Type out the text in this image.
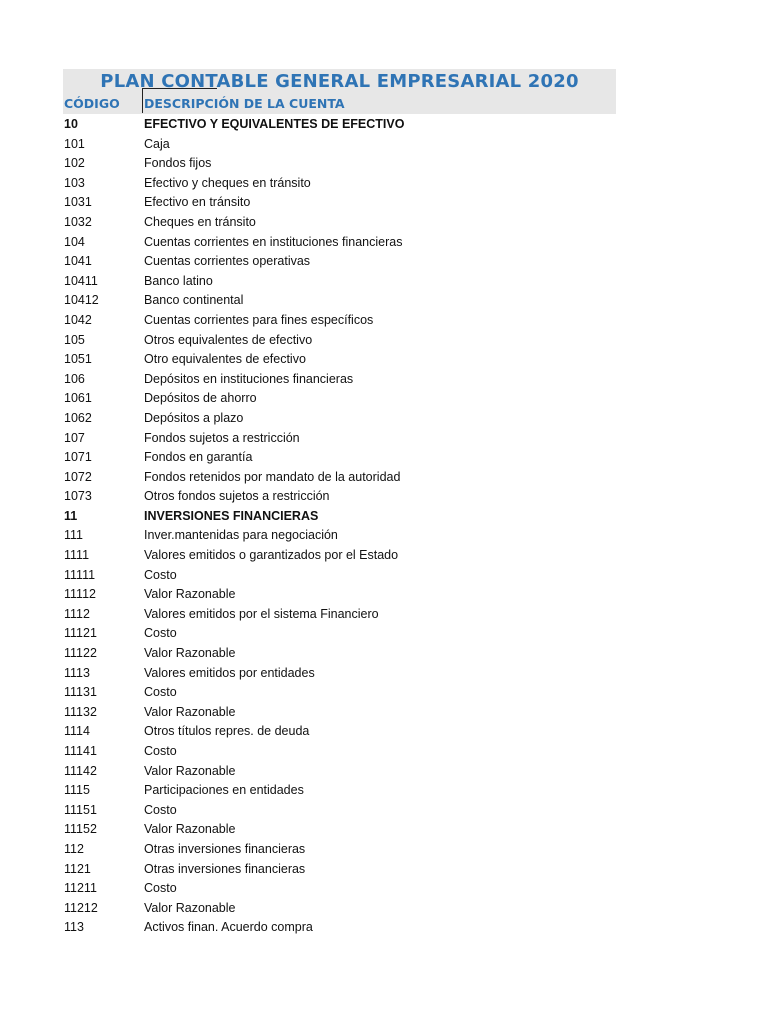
PLAN CONTABLE GENERAL EMPRESARIAL 2020
CÓDIGO DESCRIPCIÓN DE LA CUENTA
10	EFECTIVO Y EQUIVALENTES DE EFECTIVO
101	Caja
102	Fondos fijos
103	Efectivo y cheques en tránsito
1031	Efectivo en tránsito
1032	Cheques en tránsito
104	Cuentas corrientes en instituciones financieras
1041	Cuentas corrientes operativas
10411	Banco latino
10412	Banco continental
1042	Cuentas corrientes para fines específicos
105	Otros equivalentes de efectivo
1051	Otro equivalentes de efectivo
106	Depósitos en instituciones financieras
1061	Depósitos de ahorro
1062	Depósitos a plazo
107	Fondos sujetos a restricción
1071	Fondos en garantía
1072	Fondos retenidos por mandato de la autoridad
1073	Otros fondos sujetos a restricción
11	INVERSIONES FINANCIERAS
111	Inver.mantenidas para negociación
1111	Valores emitidos o garantizados por el Estado
11111	Costo
11112	Valor Razonable
1112	Valores emitidos por el sistema Financiero
11121	Costo
11122	Valor Razonable
1113	Valores emitidos por entidades
11131	Costo
11132	Valor Razonable
1114	Otros títulos repres. de deuda
11141	Costo
11142	Valor Razonable
1115	Participaciones en entidades
11151	Costo
11152	Valor Razonable
112	Otras inversiones financieras
1121	Otras inversiones financieras
11211	Costo
11212	Valor Razonable
113	Activos finan. Acuerdo compra
